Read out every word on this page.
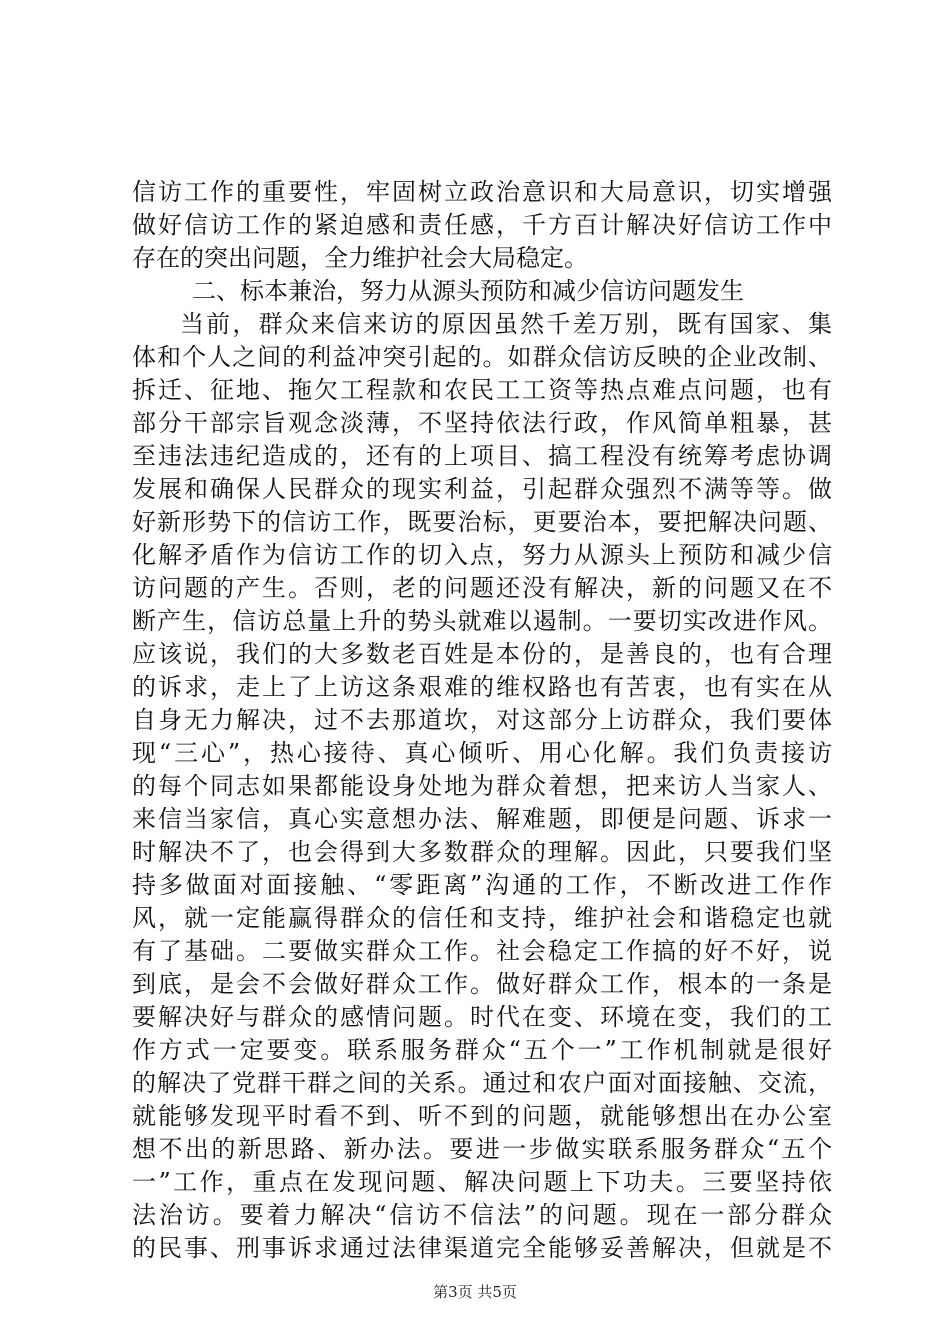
信访工作的重要性，牢固树立政治意识和大局意识，切实增强
做好信访工作的紧迫感和责任感，千方百计解决好信访工作中
存在的突出问题，全力维护社会大局稳定。
二、标本兼治，努力从源头预防和减少信访问题发生
当前，群众来信来访的原因虽然千差万别，既有国家、集
体和个人之间的利益冲突引起的。如群众信访反映的企业改制、
拆迁、征地、拖欠工程款和农民工工资等热点难点问题，也有
部分干部宗旨观念淡薄，不坚持依法行政，作风简单粗暴，甚
至违法违纪造成的，还有的上项目、搞工程没有统筹考虑协调
发展和确保人民群众的现实利益，引起群众强烈不满等等。做
好新形势下的信访工作，既要治标，更要治本，要把解决问题、
化解矛盾作为信访工作的切入点，努力从源头上预防和减少信
访问题的产生。否则，老的问题还没有解决，新的问题又在不
断产生，信访总量上升的势头就难以遏制。一要切实改进作风。
应该说，我们的大多数老百姓是本份的，是善良的，也有合理
的诉求，走上了上访这条艰难的维权路也有苦衷，也有实在从
自身无力解决，过不去那道坎，对这部分上访群众，我们要体
现“三心”，热心接待、真心倾听、用心化解。我们负责接访
的每个同志如果都能设身处地为群众着想，把来访人当家人、
来信当家信，真心实意想办法、解难题，即便是问题、诉求一
时解决不了，也会得到大多数群众的理解。因此，只要我们坚
持多做面对面接触、“零距离”沟通的工作，不断改进工作作
风，就一定能赢得群众的信任和支持，维护社会和谐稳定也就
有了基础。二要做实群众工作。社会稳定工作搞的好不好，说
到底，是会不会做好群众工作。做好群众工作，根本的一条是
要解决好与群众的感情问题。时代在变、环境在变，我们的工
作方式一定要变。联系服务群众“五个一”工作机制就是很好
的解决了党群干群之间的关系。通过和农户面对面接触、交流，
就能够发现平时看不到、听不到的问题，就能够想出在办公室
想不出的新思路、新办法。要进一步做实联系服务群众“五个
一”工作，重点在发现问题、解决问题上下功夫。三要坚持依
法治访。要着力解决“信访不信法”的问题。现在一部分群众
的民事、刑事诉求通过法律渠道完全能够妥善解决，但就是不
第3页 共5页
